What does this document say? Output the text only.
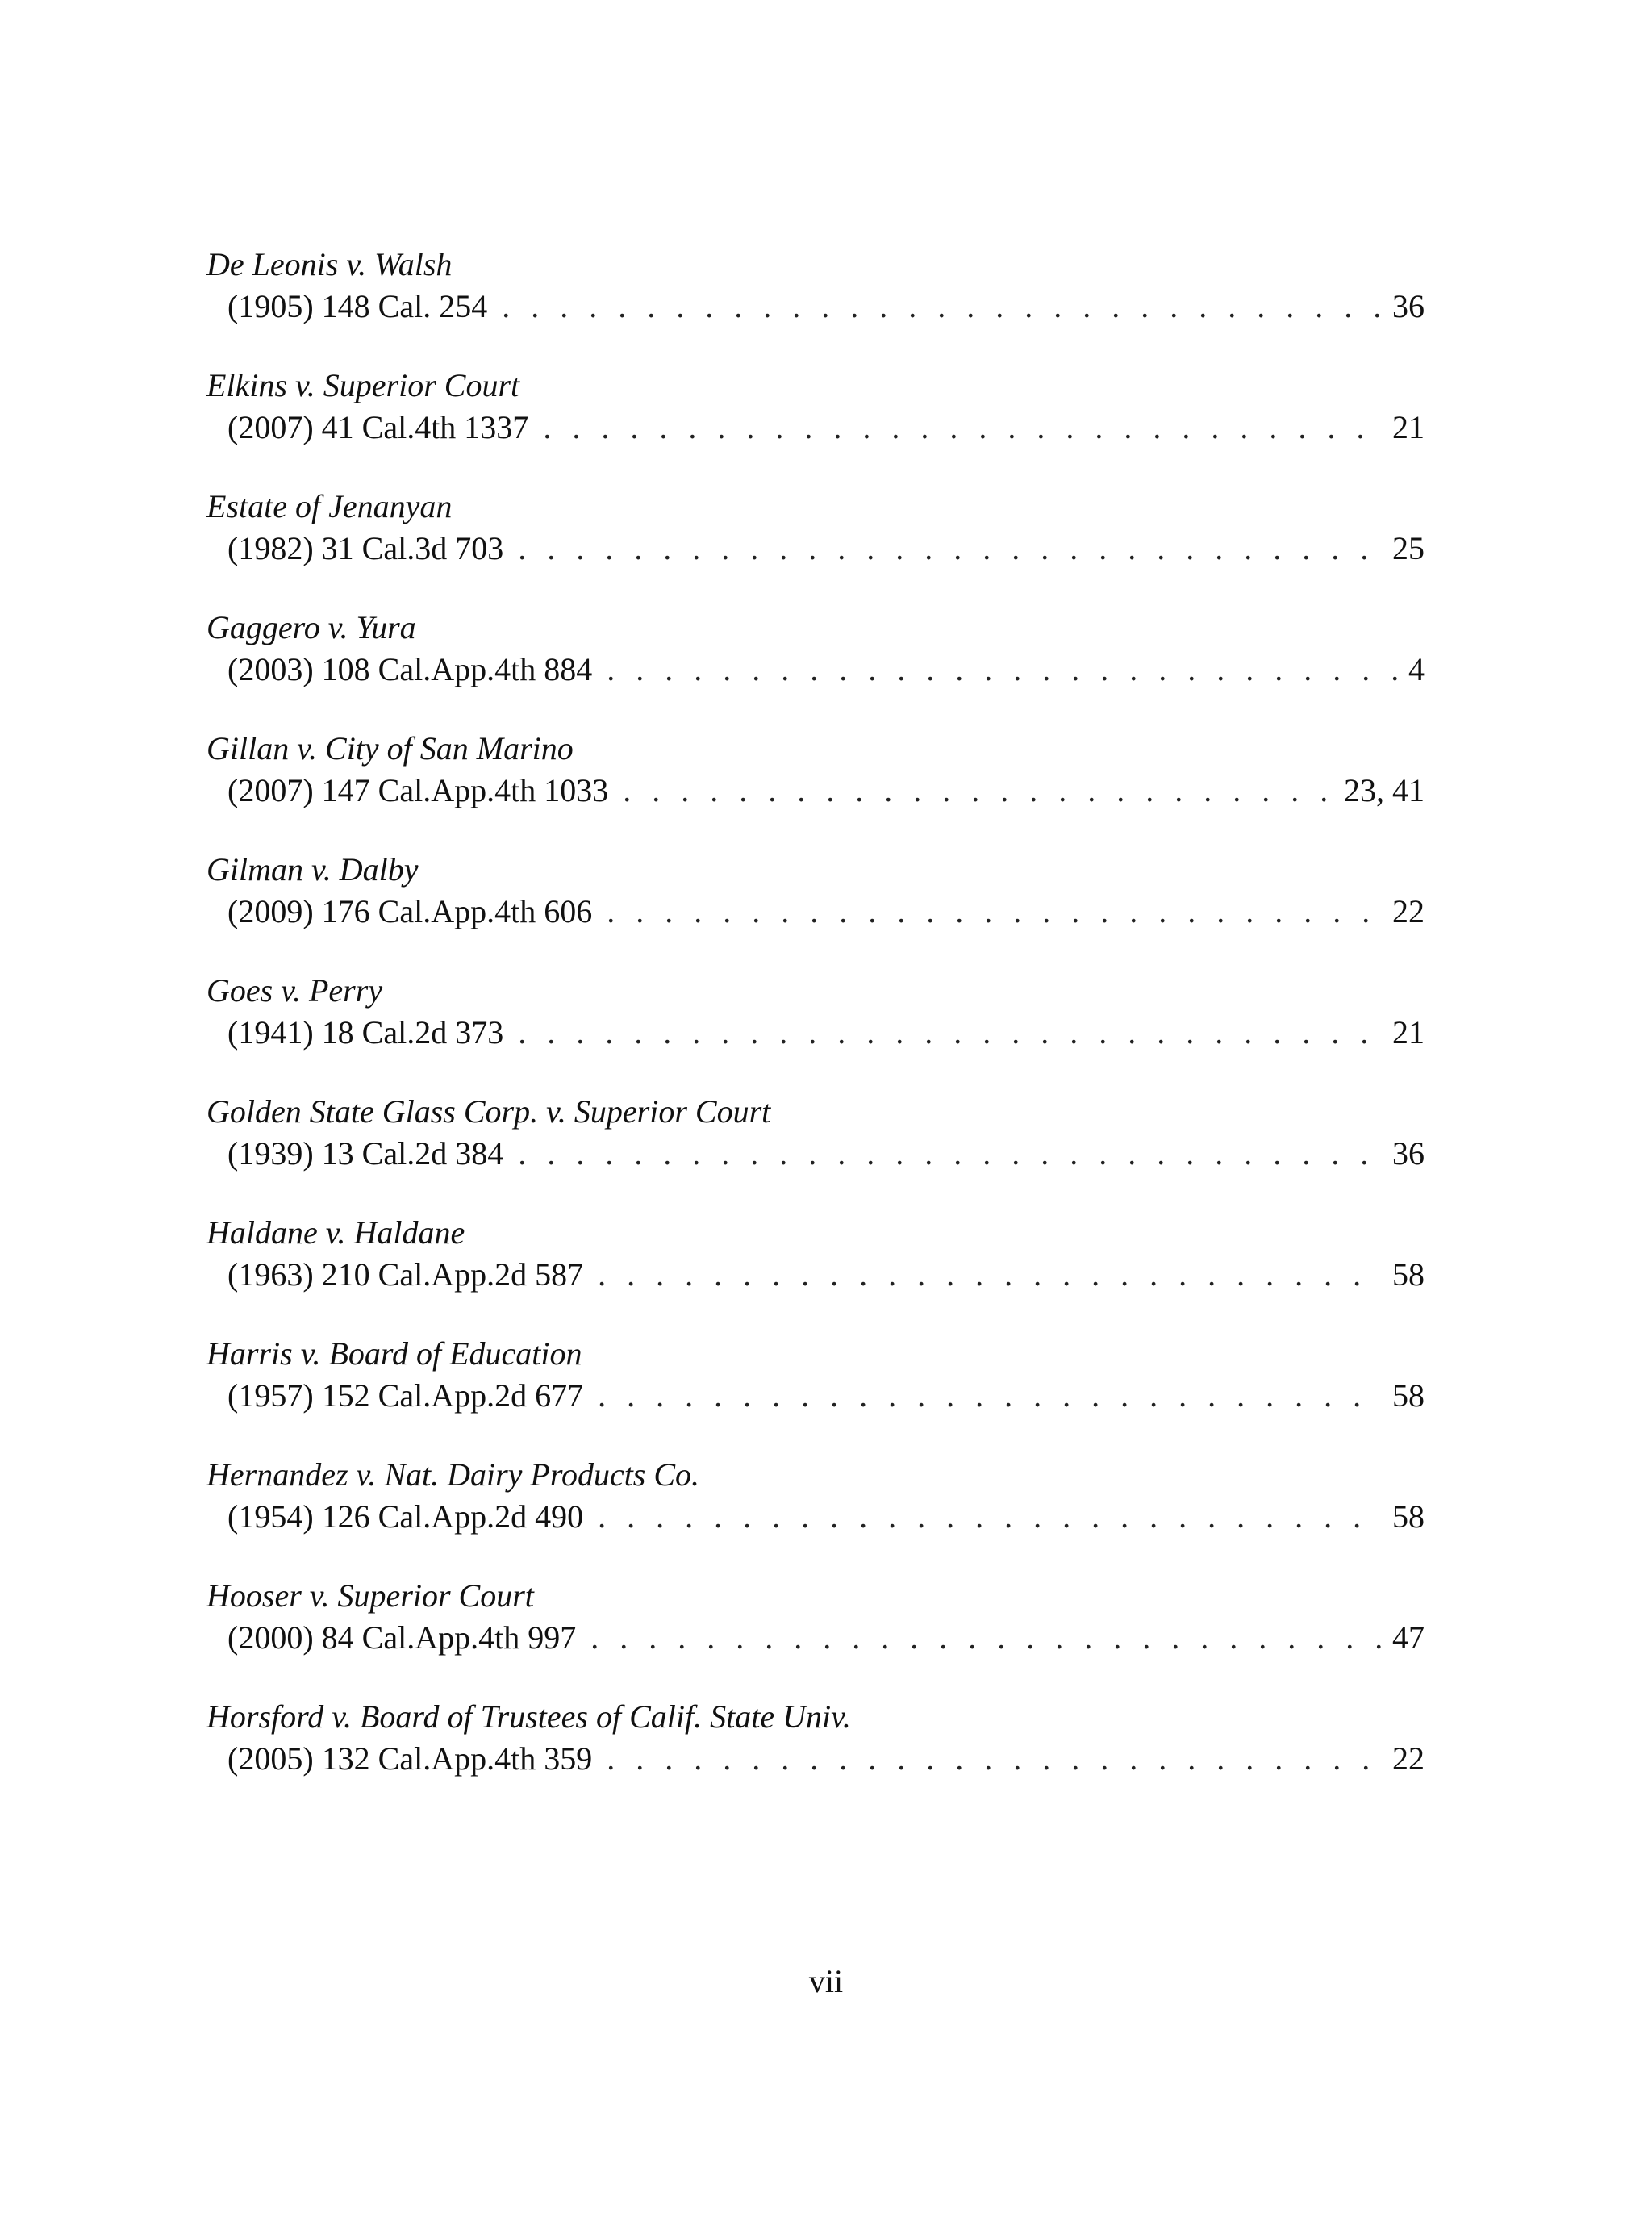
De Leonis v. Walsh
(1905) 148 Cal. 254 . . .	36
Elkins v. Superior Court
(2007) 41 Cal.4th 1337 . . .	21
Estate of Jenanyan
(1982) 31 Cal.3d 703 . . .	25
Gaggero v. Yura
(2003) 108 Cal.App.4th 884 . . .	4
Gillan v. City of San Marino
(2007) 147 Cal.App.4th 1033 . . .	23, 41
Gilman v. Dalby
(2009) 176 Cal.App.4th 606 . . .	22
Goes v. Perry
(1941) 18 Cal.2d 373 . . .	21
Golden State Glass Corp. v. Superior Court
(1939) 13 Cal.2d 384 . . .	36
Haldane v. Haldane
(1963) 210 Cal.App.2d 587 . . .	58
Harris v. Board of Education
(1957) 152 Cal.App.2d 677 . . .	58
Hernandez v. Nat. Dairy Products Co.
(1954) 126 Cal.App.2d 490 . . .	58
Hooser v. Superior Court
(2000) 84 Cal.App.4th 997 . . .	47
Horsford v. Board of Trustees of Calif. State Univ.
(2005) 132 Cal.App.4th 359 . . .	22
vii
